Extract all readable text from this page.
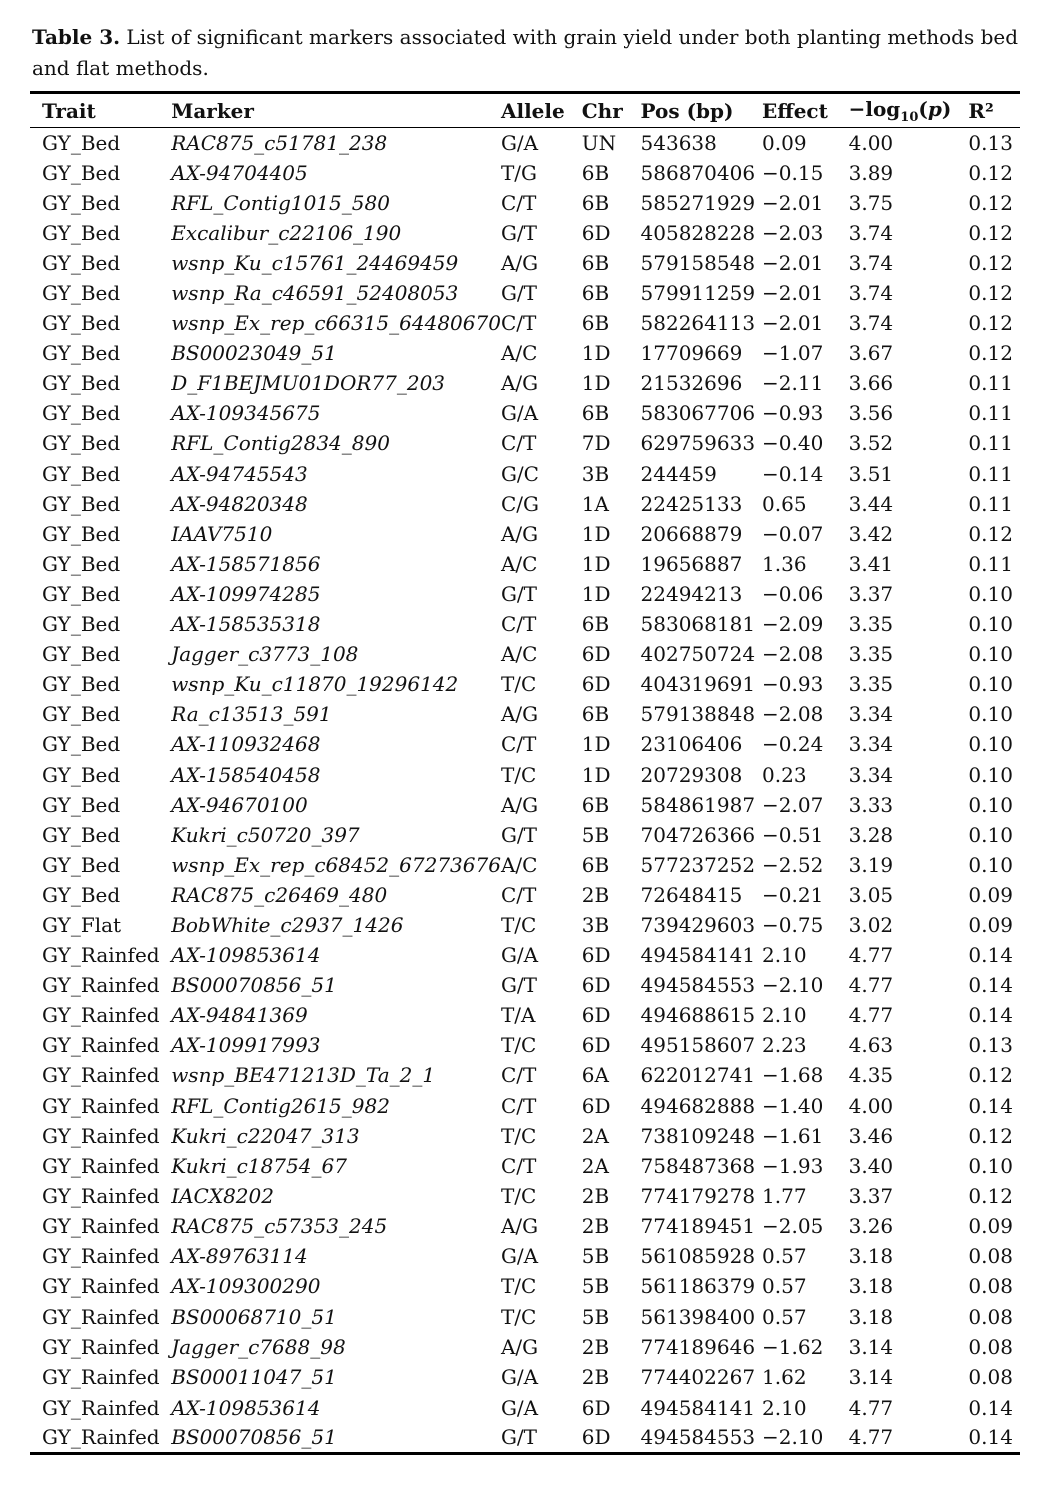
Table 3. List of significant markers associated with grain yield under both planting methods bed and flat methods.
Trait	Marker	Allele	Chr	Pos (bp)	Effect	$-\log_{10}(p)$	R²
GY_Bed	RAC875_c51781_238	G/A	UN	543638	0.09	4.00	0.13
GY_Bed	AX-94704405	T/G	6B	586870406	−0.15	3.89	0.12
GY_Bed	RFL_Contig1015_580	C/T	6B	585271929	−2.01	3.75	0.12
GY_Bed	Excalibur_c22106_190	G/T	6D	405828228	−2.03	3.74	0.12
GY_Bed	wsnp_Ku_c15761_24469459	A/G	6B	579158548	−2.01	3.74	0.12
GY_Bed	wsnp_Ra_c46591_52408053	G/T	6B	579911259	−2.01	3.74	0.12
GY_Bed	wsnp_Ex_rep_c66315_64480670	C/T	6B	582264113	−2.01	3.74	0.12
GY_Bed	BS00023049_51	A/C	1D	17709669	−1.07	3.67	0.12
GY_Bed	D_F1BEJMU01DOR77_203	A/G	1D	21532696	−2.11	3.66	0.11
GY_Bed	AX-109345675	G/A	6B	583067706	−0.93	3.56	0.11
GY_Bed	RFL_Contig2834_890	C/T	7D	629759633	−0.40	3.52	0.11
GY_Bed	AX-94745543	G/C	3B	244459	−0.14	3.51	0.11
GY_Bed	AX-94820348	C/G	1A	22425133	0.65	3.44	0.11
GY_Bed	IAAV7510	A/G	1D	20668879	−0.07	3.42	0.12
GY_Bed	AX-158571856	A/C	1D	19656887	1.36	3.41	0.11
GY_Bed	AX-109974285	G/T	1D	22494213	−0.06	3.37	0.10
GY_Bed	AX-158535318	C/T	6B	583068181	−2.09	3.35	0.10
GY_Bed	Jagger_c3773_108	A/C	6D	402750724	−2.08	3.35	0.10
GY_Bed	wsnp_Ku_c11870_19296142	T/C	6D	404319691	−0.93	3.35	0.10
GY_Bed	Ra_c13513_591	A/G	6B	579138848	−2.08	3.34	0.10
GY_Bed	AX-110932468	C/T	1D	23106406	−0.24	3.34	0.10
GY_Bed	AX-158540458	T/C	1D	20729308	0.23	3.34	0.10
GY_Bed	AX-94670100	A/G	6B	584861987	−2.07	3.33	0.10
GY_Bed	Kukri_c50720_397	G/T	5B	704726366	−0.51	3.28	0.10
GY_Bed	wsnp_Ex_rep_c68452_67273676	A/C	6B	577237252	−2.52	3.19	0.10
GY_Bed	RAC875_c26469_480	C/T	2B	72648415	−0.21	3.05	0.09
GY_Flat	BobWhite_c2937_1426	T/C	3B	739429603	−0.75	3.02	0.09
GY_Rainfed	AX-109853614	G/A	6D	494584141	2.10	4.77	0.14
GY_Rainfed	BS00070856_51	G/T	6D	494584553	−2.10	4.77	0.14
GY_Rainfed	AX-94841369	T/A	6D	494688615	2.10	4.77	0.14
GY_Rainfed	AX-109917993	T/C	6D	495158607	2.23	4.63	0.13
GY_Rainfed	wsnp_BE471213D_Ta_2_1	C/T	6A	622012741	−1.68	4.35	0.12
GY_Rainfed	RFL_Contig2615_982	C/T	6D	494682888	−1.40	4.00	0.14
GY_Rainfed	Kukri_c22047_313	T/C	2A	738109248	−1.61	3.46	0.12
GY_Rainfed	Kukri_c18754_67	C/T	2A	758487368	−1.93	3.40	0.10
GY_Rainfed	IACX8202	T/C	2B	774179278	1.77	3.37	0.12
GY_Rainfed	RAC875_c57353_245	A/G	2B	774189451	−2.05	3.26	0.09
GY_Rainfed	AX-89763114	G/A	5B	561085928	0.57	3.18	0.08
GY_Rainfed	AX-109300290	T/C	5B	561186379	0.57	3.18	0.08
GY_Rainfed	BS00068710_51	T/C	5B	561398400	0.57	3.18	0.08
GY_Rainfed	Jagger_c7688_98	A/G	2B	774189646	−1.62	3.14	0.08
GY_Rainfed	BS00011047_51	G/A	2B	774402267	1.62	3.14	0.08
GY_Rainfed	AX-109853614	G/A	6D	494584141	2.10	4.77	0.14
GY_Rainfed	BS00070856_51	G/T	6D	494584553	−2.10	4.77	0.14
